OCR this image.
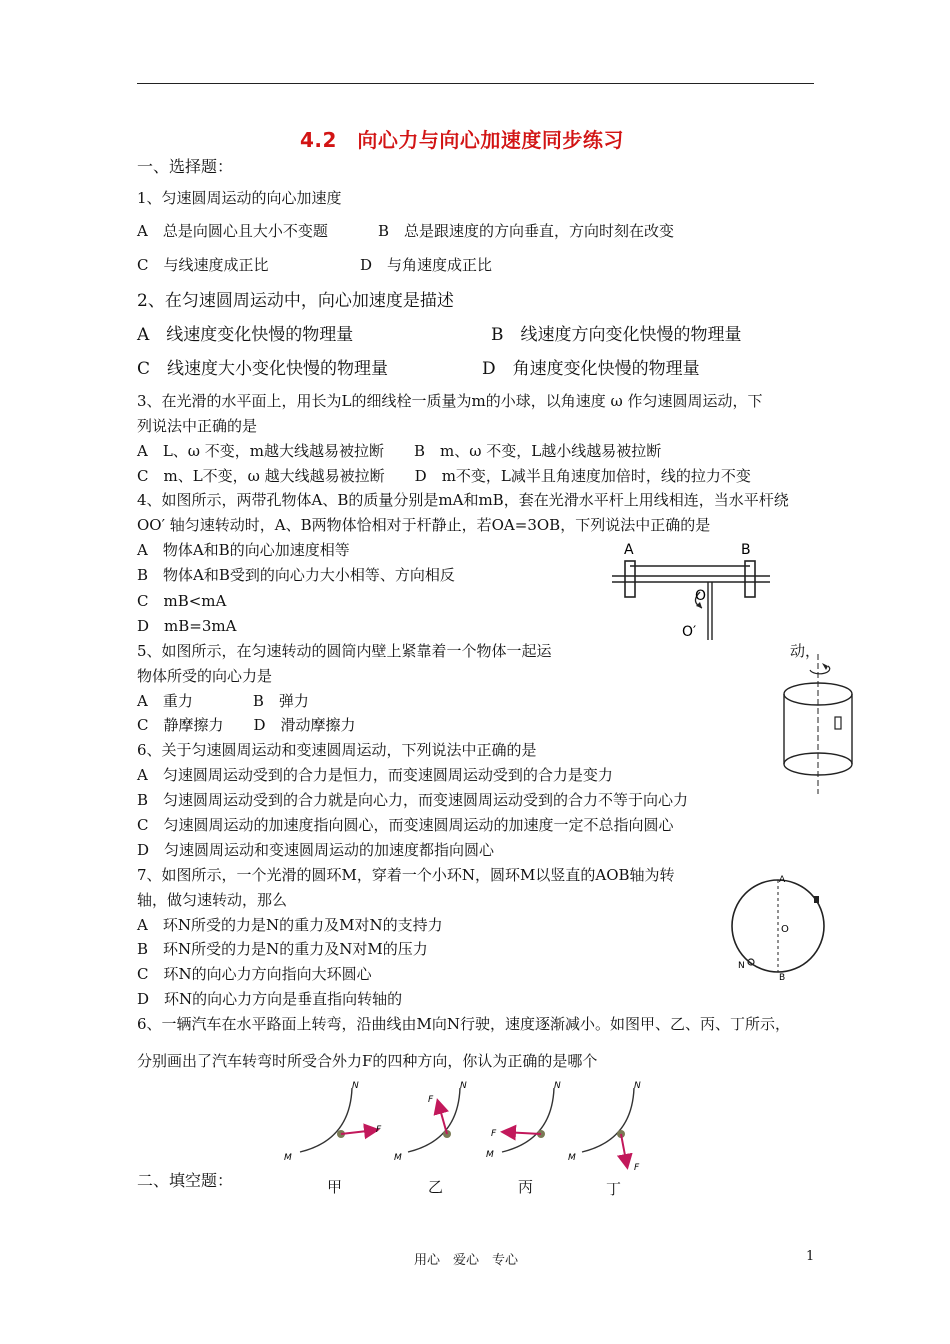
4.2　向心力与向心加速度同步练习
一、选择题：
1、匀速圆周运动的向心加速度
A　总是向圆心且大小不变题	B　总是跟速度的方向垂直，方向时刻在改变
C　与线速度成正比	D　与角速度成正比
2、在匀速圆周运动中，向心加速度是描述
A　线速度变化快慢的物理量	B　线速度方向变化快慢的物理量
C　线速度大小变化快慢的物理量	D　角速度变化快慢的物理量
3、在光滑的水平面上，用长为L的细线栓一质量为m的小球，以角速度 ω 作匀速圆周运动，下
列说法中正确的是
A　L、ω 不变，m越大线越易被拉断　　B　m、ω 不变，L越小线越易被拉断
C　m、L不变，ω 越大线越易被拉断　　D　m不变，L减半且角速度加倍时，线的拉力不变
4、如图所示，两带孔物体A、B的质量分别是mA和mB，套在光滑水平杆上用线相连，当水平杆绕
OO′ 轴匀速转动时，A、B两物体恰相对于杆静止，若OA=3OB，下列说法中正确的是
A　物体A和B的向心加速度相等
B　物体A和B受到的向心力大小相等、方向相反
C　mB<mA
D　mB=3mA
A	B
O
O′
5、如图所示，在匀速转动的圆筒内壁上紧靠着一个物体一起运	动，
物体所受的向心力是
A　重力　　　　B　弹力
C　静摩擦力　　D　滑动摩擦力
6、关于匀速圆周运动和变速圆周运动，下列说法中正确的是
A　匀速圆周运动受到的合力是恒力，而变速圆周运动受到的合力是变力
B　匀速圆周运动受到的合力就是向心力，而变速圆周运动受到的合力不等于向心力
C　匀速圆周运动的加速度指向圆心，而变速圆周运动的加速度一定不总指向圆心
D　匀速圆周运动和变速圆周运动的加速度都指向圆心
7、如图所示，一个光滑的圆环M，穿着一个小环N，圆环M以竖直的AOB轴为转
轴，做匀速转动，那么
A　环N所受的力是N的重力及M对N的支持力
B　环N所受的力是N的重力及N对M的压力
C　环N的向心力方向指向大环圆心
D　环N的向心力方向是垂直指向转轴的
A
O
B
N
6、一辆汽车在水平路面上转弯，沿曲线由M向N行驶，速度逐渐减小。如图甲、乙、丙、丁所示，
分别画出了汽车转弯时所受合外力F的四种方向，你认为正确的是哪个
M
N
F
M
N
F
M
N
F
M
N
F
甲	乙	丙	丁
二、填空题：
用心　爱心　专心	1
